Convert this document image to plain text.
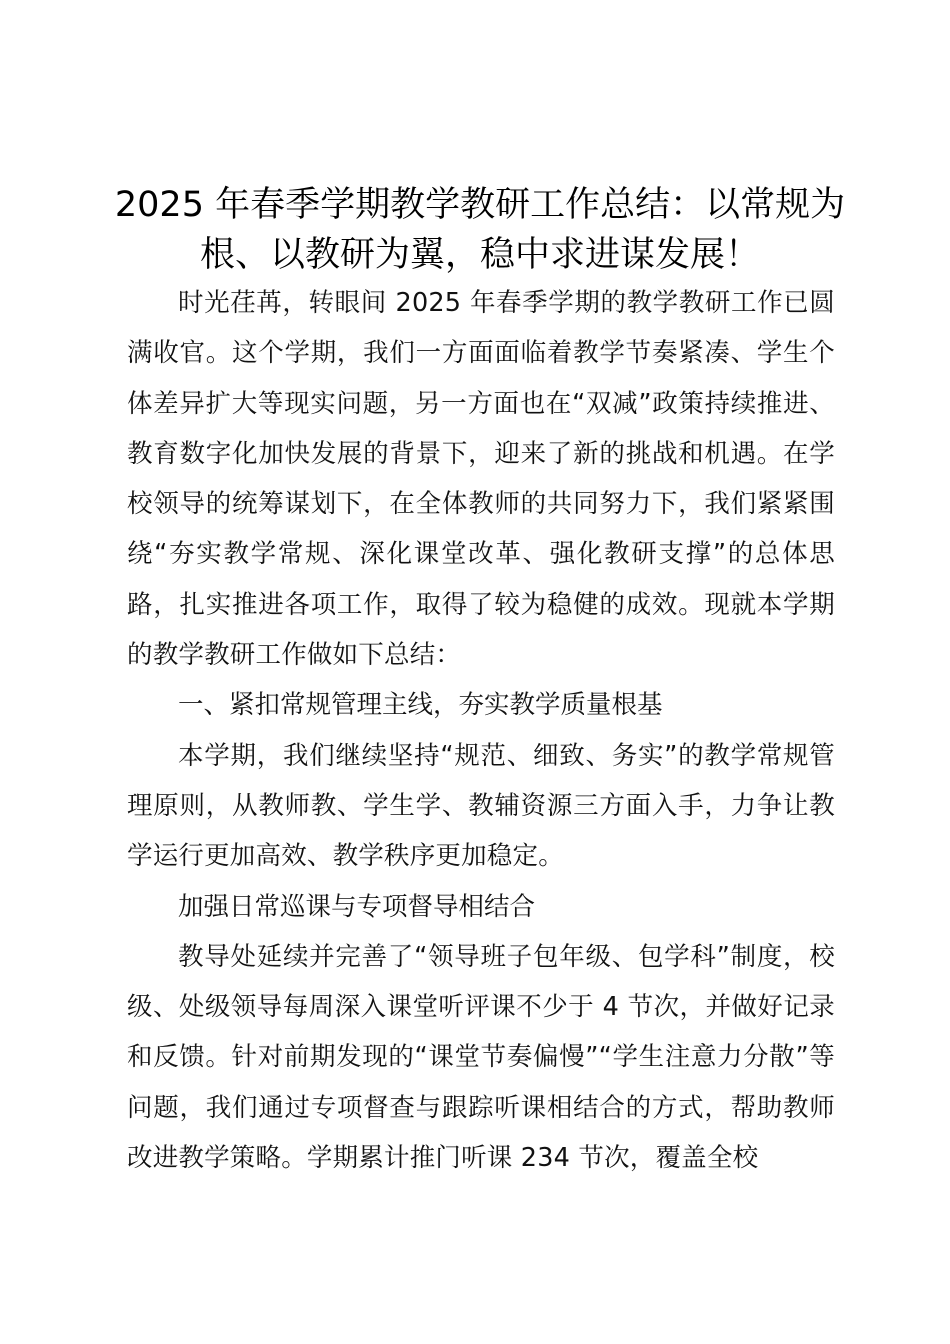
2025 年春季学期教学教研工作总结：以常规为根、以教研为翼，稳中求进谋发展！

时光荏苒，转眼间 2025 年春季学期的教学教研工作已圆满收官。这个学期，我们一方面面临着教学节奏紧凑、学生个体差异扩大等现实问题，另一方面也在“双减”政策持续推进、教育数字化加快发展的背景下，迎来了新的挑战和机遇。在学校领导的统筹谋划下，在全体教师的共同努力下，我们紧紧围绕“夯实教学常规、深化课堂改革、强化教研支撑”的总体思路，扎实推进各项工作，取得了较为稳健的成效。现就本学期的教学教研工作做如下总结：

一、紧扣常规管理主线，夯实教学质量根基

本学期，我们继续坚持“规范、细致、务实”的教学常规管理原则，从教师教、学生学、教辅资源三方面入手，力争让教学运行更加高效、教学秩序更加稳定。

加强日常巡课与专项督导相结合

教导处延续并完善了“领导班子包年级、包学科”制度，校级、处级领导每周深入课堂听评课不少于 4 节次，并做好记录和反馈。针对前期发现的“课堂节奏偏慢”“学生注意力分散”等问题，我们通过专项督查与跟踪听课相结合的方式，帮助教师改进教学策略。学期累计推门听课 234 节次，覆盖全校
